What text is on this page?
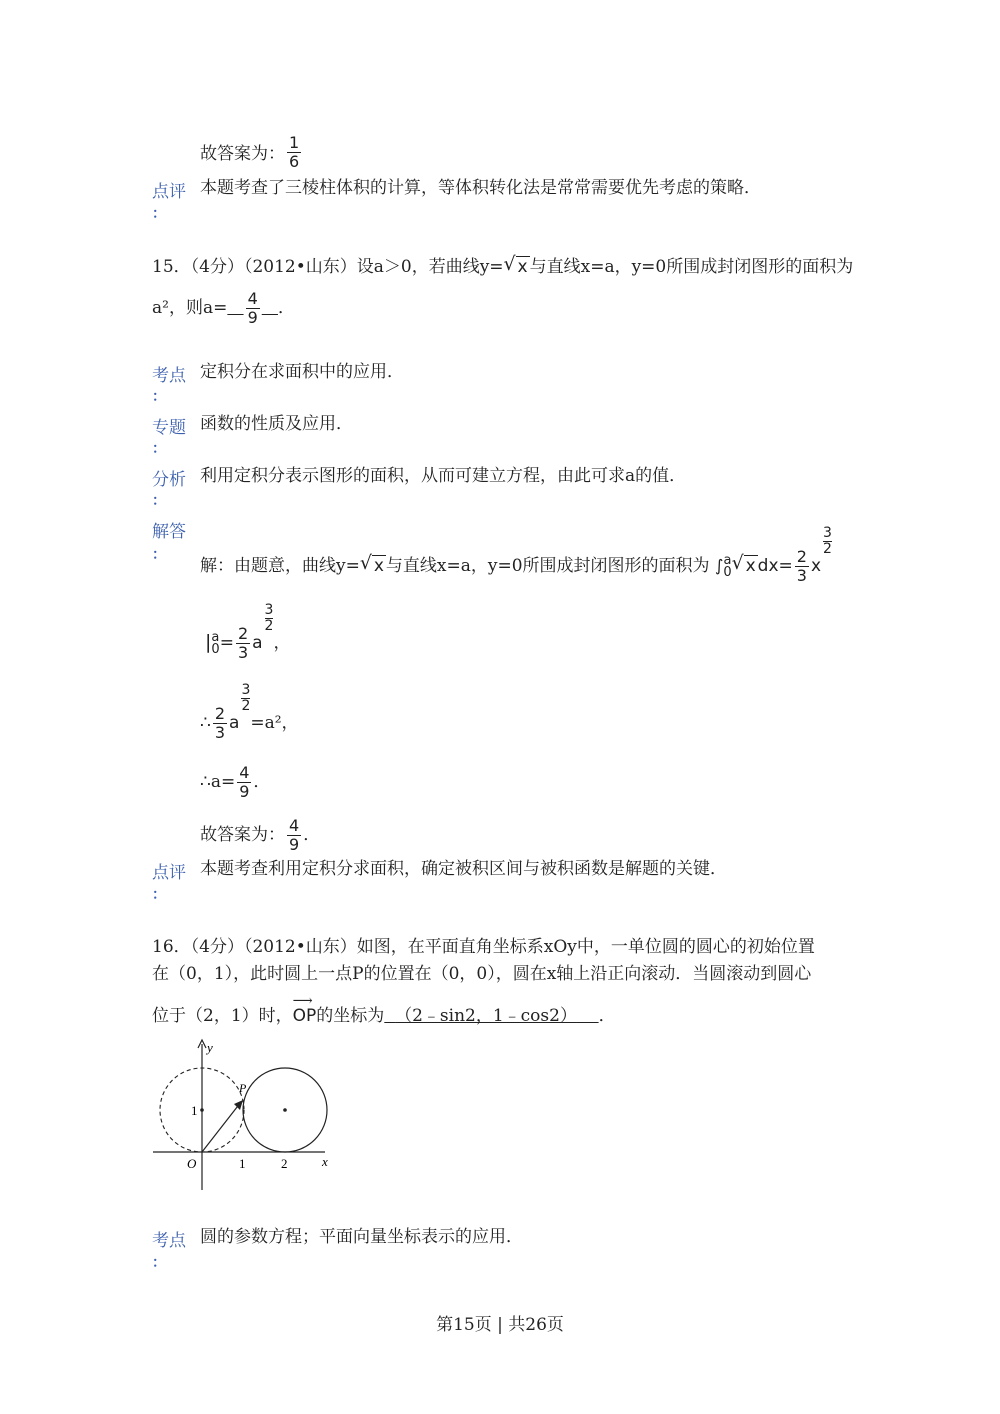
故答案为： $\frac{1}{6}$
点评 本题考查了三棱柱体积的计算，等体积转化法是常常需要优先考虑的策略．
：
15．（4分）（2012•山东）设a＞0，若曲线y= √ x 与直线x=a，y=0所围成封闭图形的面积为
a²，则$a= \frac{4}{9}$ ．
考点 定积分在求面积中的应用．
：
专题 函数的性质及应用．
：
分析 利用定积分表示图形的面积，从而可建立方程，由此可求a的值．
：
解答
：
解：由题意，曲线y= √ x 与直线x=a，y=0所围成封闭图形的面积为 ∫ a
0 √ x $dx= \frac{2}{3}$ x
$\frac{3}{2}$
| a
$0 = \frac{2}{3}$ a
$\frac{3}{2}$，
∴ $\frac{2}{3}$ a
$\frac{3}{2}=a^2$，
∴a= $\frac{4}{9}$ ．
故答案为： $\frac{4}{9}$ ．
点评 本题考查利用定积分求面积，确定被积区间与被积函数是解题的关键．
：
16．（4分）（2012•山东）如图，在平面直角坐标系xOy中，一单位圆的圆心的初始位置
在（0，1），此时圆上一点P的位置在（0，0），圆在x轴上沿正向滚动．当圆滚动到圆心
位于（2，1）时，
⟶
OP的坐标为 （2﹣sin2，1﹣cos2） ．
y
x
O
1
1	2
P
考点 圆的参数方程；平面向量坐标表示的应用．
：
第15页 | 共26页
